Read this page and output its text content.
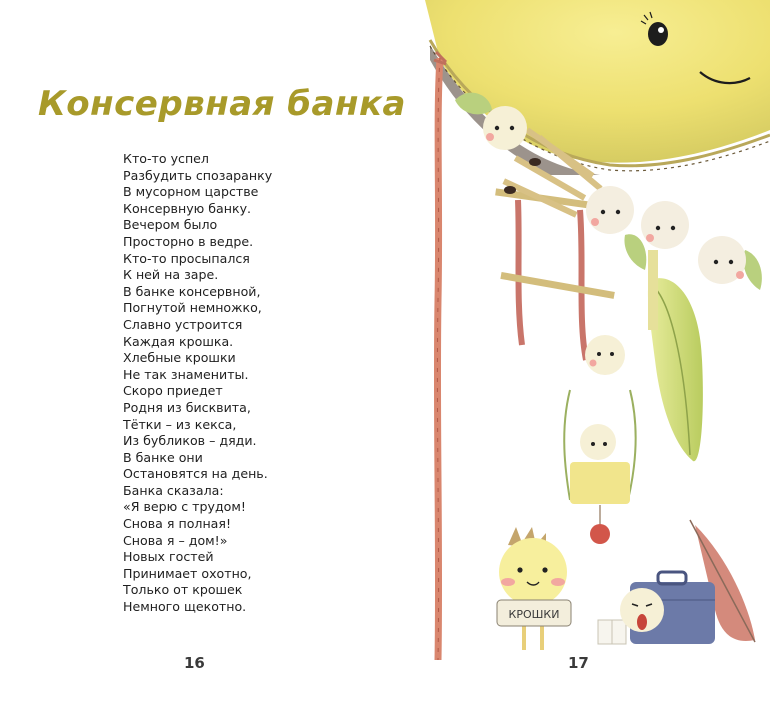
Консервная банка
Кто-то успел
Разбудить спозаранку
В мусорном царстве
Консервную банку.
Вечером было
Просторно в ведре.
Кто-то просыпался
К ней на заре.
В банке консервной,
Погнутой немножко,
Славно устроится
Каждая крошка.
Хлебные крошки
Не так знамениты.
Скоро приедет
Родня из бисквита,
Тётки – из кекса,
Из бубликов – дяди.
В банке они
Остановятся на день.
Банка сказала:
«Я верю с трудом!
Снова я полная!
Снова я – дом!»
Новых гостей
Принимает охотно,
Только от крошек
Немного щекотно.
16
КРОШКИ
17
